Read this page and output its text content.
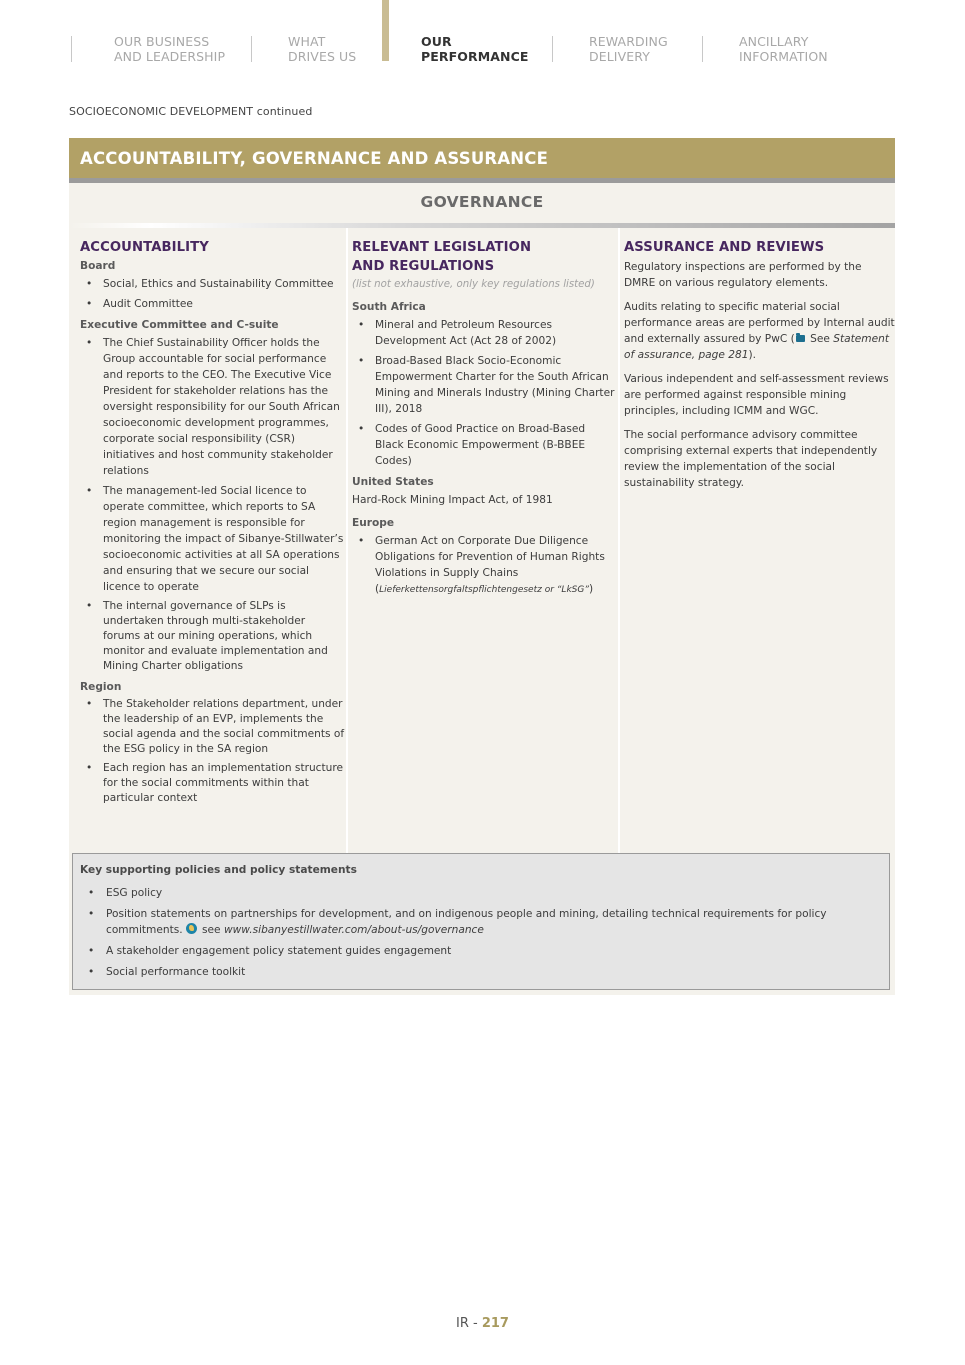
OUR BUSINESS
AND LEADERSHIP
WHAT
DRIVES US
OUR
PERFORMANCE
REWARDING
DELIVERY
ANCILLARY
INFORMATION
SOCIOECONOMIC DEVELOPMENT continued
ACCOUNTABILITY, GOVERNANCE AND ASSURANCE
GOVERNANCE
ACCOUNTABILITY
Board
• Social, Ethics and Sustainability Committee
• Audit Committee
Executive Committee and C-suite
• The Chief Sustainability Officer holds the Group accountable for social performance and reports to the CEO. The Executive Vice President for stakeholder relations has the oversight responsibility for our South African socioeconomic development programmes, corporate social responsibility (CSR) initiatives and host community stakeholder relations
• The management-led Social licence to operate committee, which reports to SA region management is responsible for monitoring the impact of Sibanye-Stillwater’s socioeconomic activities at all SA operations and ensuring that we secure our social licence to operate
• The internal governance of SLPs is undertaken through multi-stakeholder forums at our mining operations, which monitor and evaluate implementation and Mining Charter obligations
Region
• The Stakeholder relations department, under the leadership of an EVP, implements the social agenda and the social commitments of the ESG policy in the SA region
• Each region has an implementation structure for the social commitments within that particular context
RELEVANT LEGISLATION
AND REGULATIONS
(list not exhaustive, only key regulations listed)
South Africa
• Mineral and Petroleum Resources Development Act (Act 28 of 2002)
• Broad-Based Black Socio-Economic Empowerment Charter for the South African Mining and Minerals Industry (Mining Charter III), 2018
• Codes of Good Practice on Broad-Based Black Economic Empowerment (B-BBEE Codes)
United States
Hard-Rock Mining Impact Act, of 1981
Europe
• German Act on Corporate Due Diligence Obligations for Prevention of Human Rights Violations in Supply Chains
(Lieferkettensorgfaltspflichtengesetz or “LkSG”)
ASSURANCE AND REVIEWS
Regulatory inspections are performed by the DMRE on various regulatory elements.
Audits relating to specific material social performance areas are performed by Internal audit and externally assured by PwC ( See Statement of assurance, page 281).
Various independent and self-assessment reviews are performed against responsible mining principles, including ICMM and WGC.
The social performance advisory committee comprising external experts that independently review the implementation of the social sustainability strategy.
Key supporting policies and policy statements
• ESG policy
• Position statements on partnerships for development, and on indigenous people and mining, detailing technical requirements for policy commitments. see www.sibanyestillwater.com/about-us/governance
• A stakeholder engagement policy statement guides engagement
• Social performance toolkit
IR - 217
